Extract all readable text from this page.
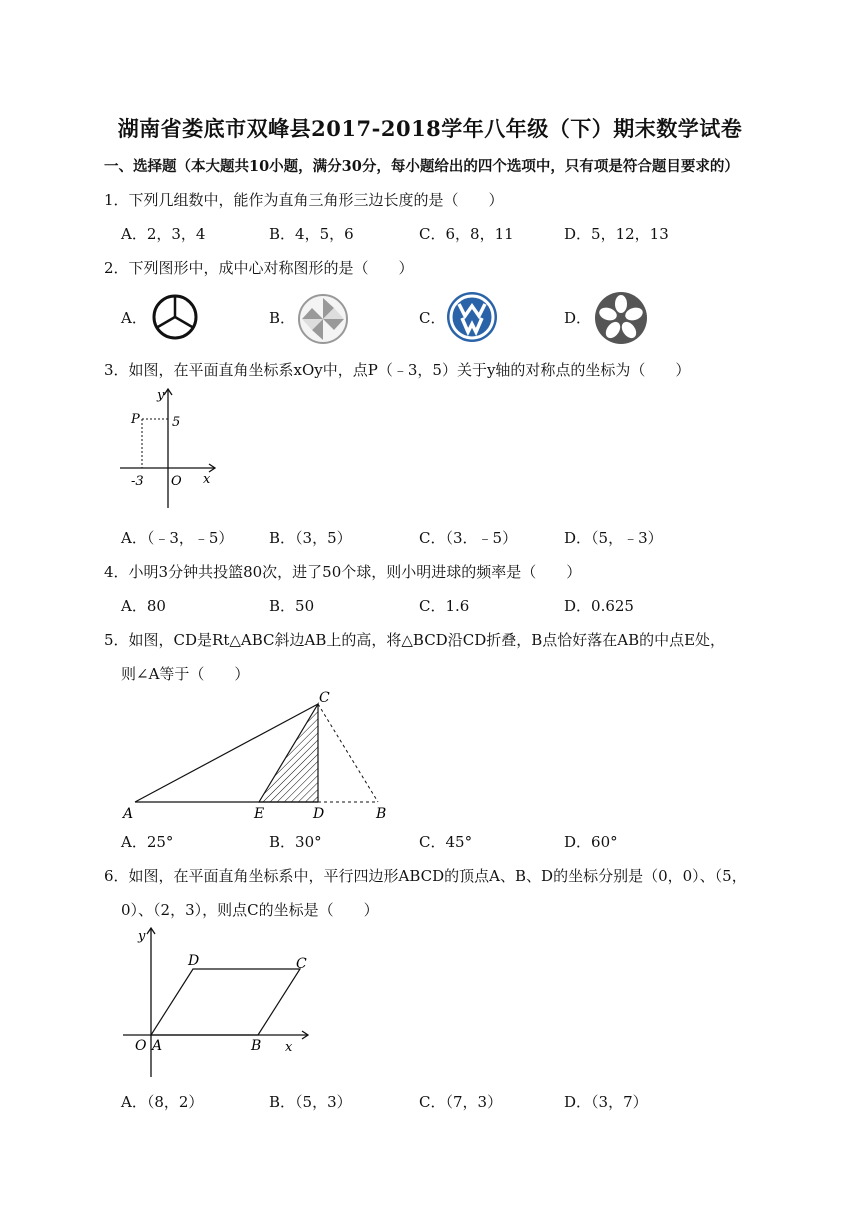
湖南省娄底市双峰县2017-2018学年八年级（下）期末数学试卷
一、选择题（本大题共10小题，满分30分，每小题给出的四个选项中，只有项是符合题目要求的）
1．下列几组数中，能作为直角三角形三边长度的是（　　）
A．2，3，4	B．4，5，6	C．6，8，11	D．5，12，13
2．下列图形中，成中心对称图形的是（　　）
A．	B．	C．	D．
3．如图，在平面直角坐标系xOy中，点P（﹣3，5）关于y轴的对称点的坐标为（　　）
y
P 5
-3 O x
A．（﹣3，﹣5） B．（3，5）	C．（3．﹣5）	D．（5，﹣3）
4．小明3分钟共投篮80次，进了50个球，则小明进球的频率是（　　）
A．80	B．50	C．1.6	D．0.625
5．如图，CD是Rt△ABC斜边AB上的高，将△BCD沿CD折叠，B点恰好落在AB的中点E处，
则∠A等于（　　）
C
A	E	D	B
A．25°	B．30°	C．45°	D．60°
6．如图，在平面直角坐标系中，平行四边形ABCD的顶点A、B、D的坐标分别是（0，0）、（5，
0）、（2，3），则点C的坐标是（　　）
y
D	C
O A	B x
A．（8，2）	B．（5，3）	C．（7，3）	D．（3，7）
